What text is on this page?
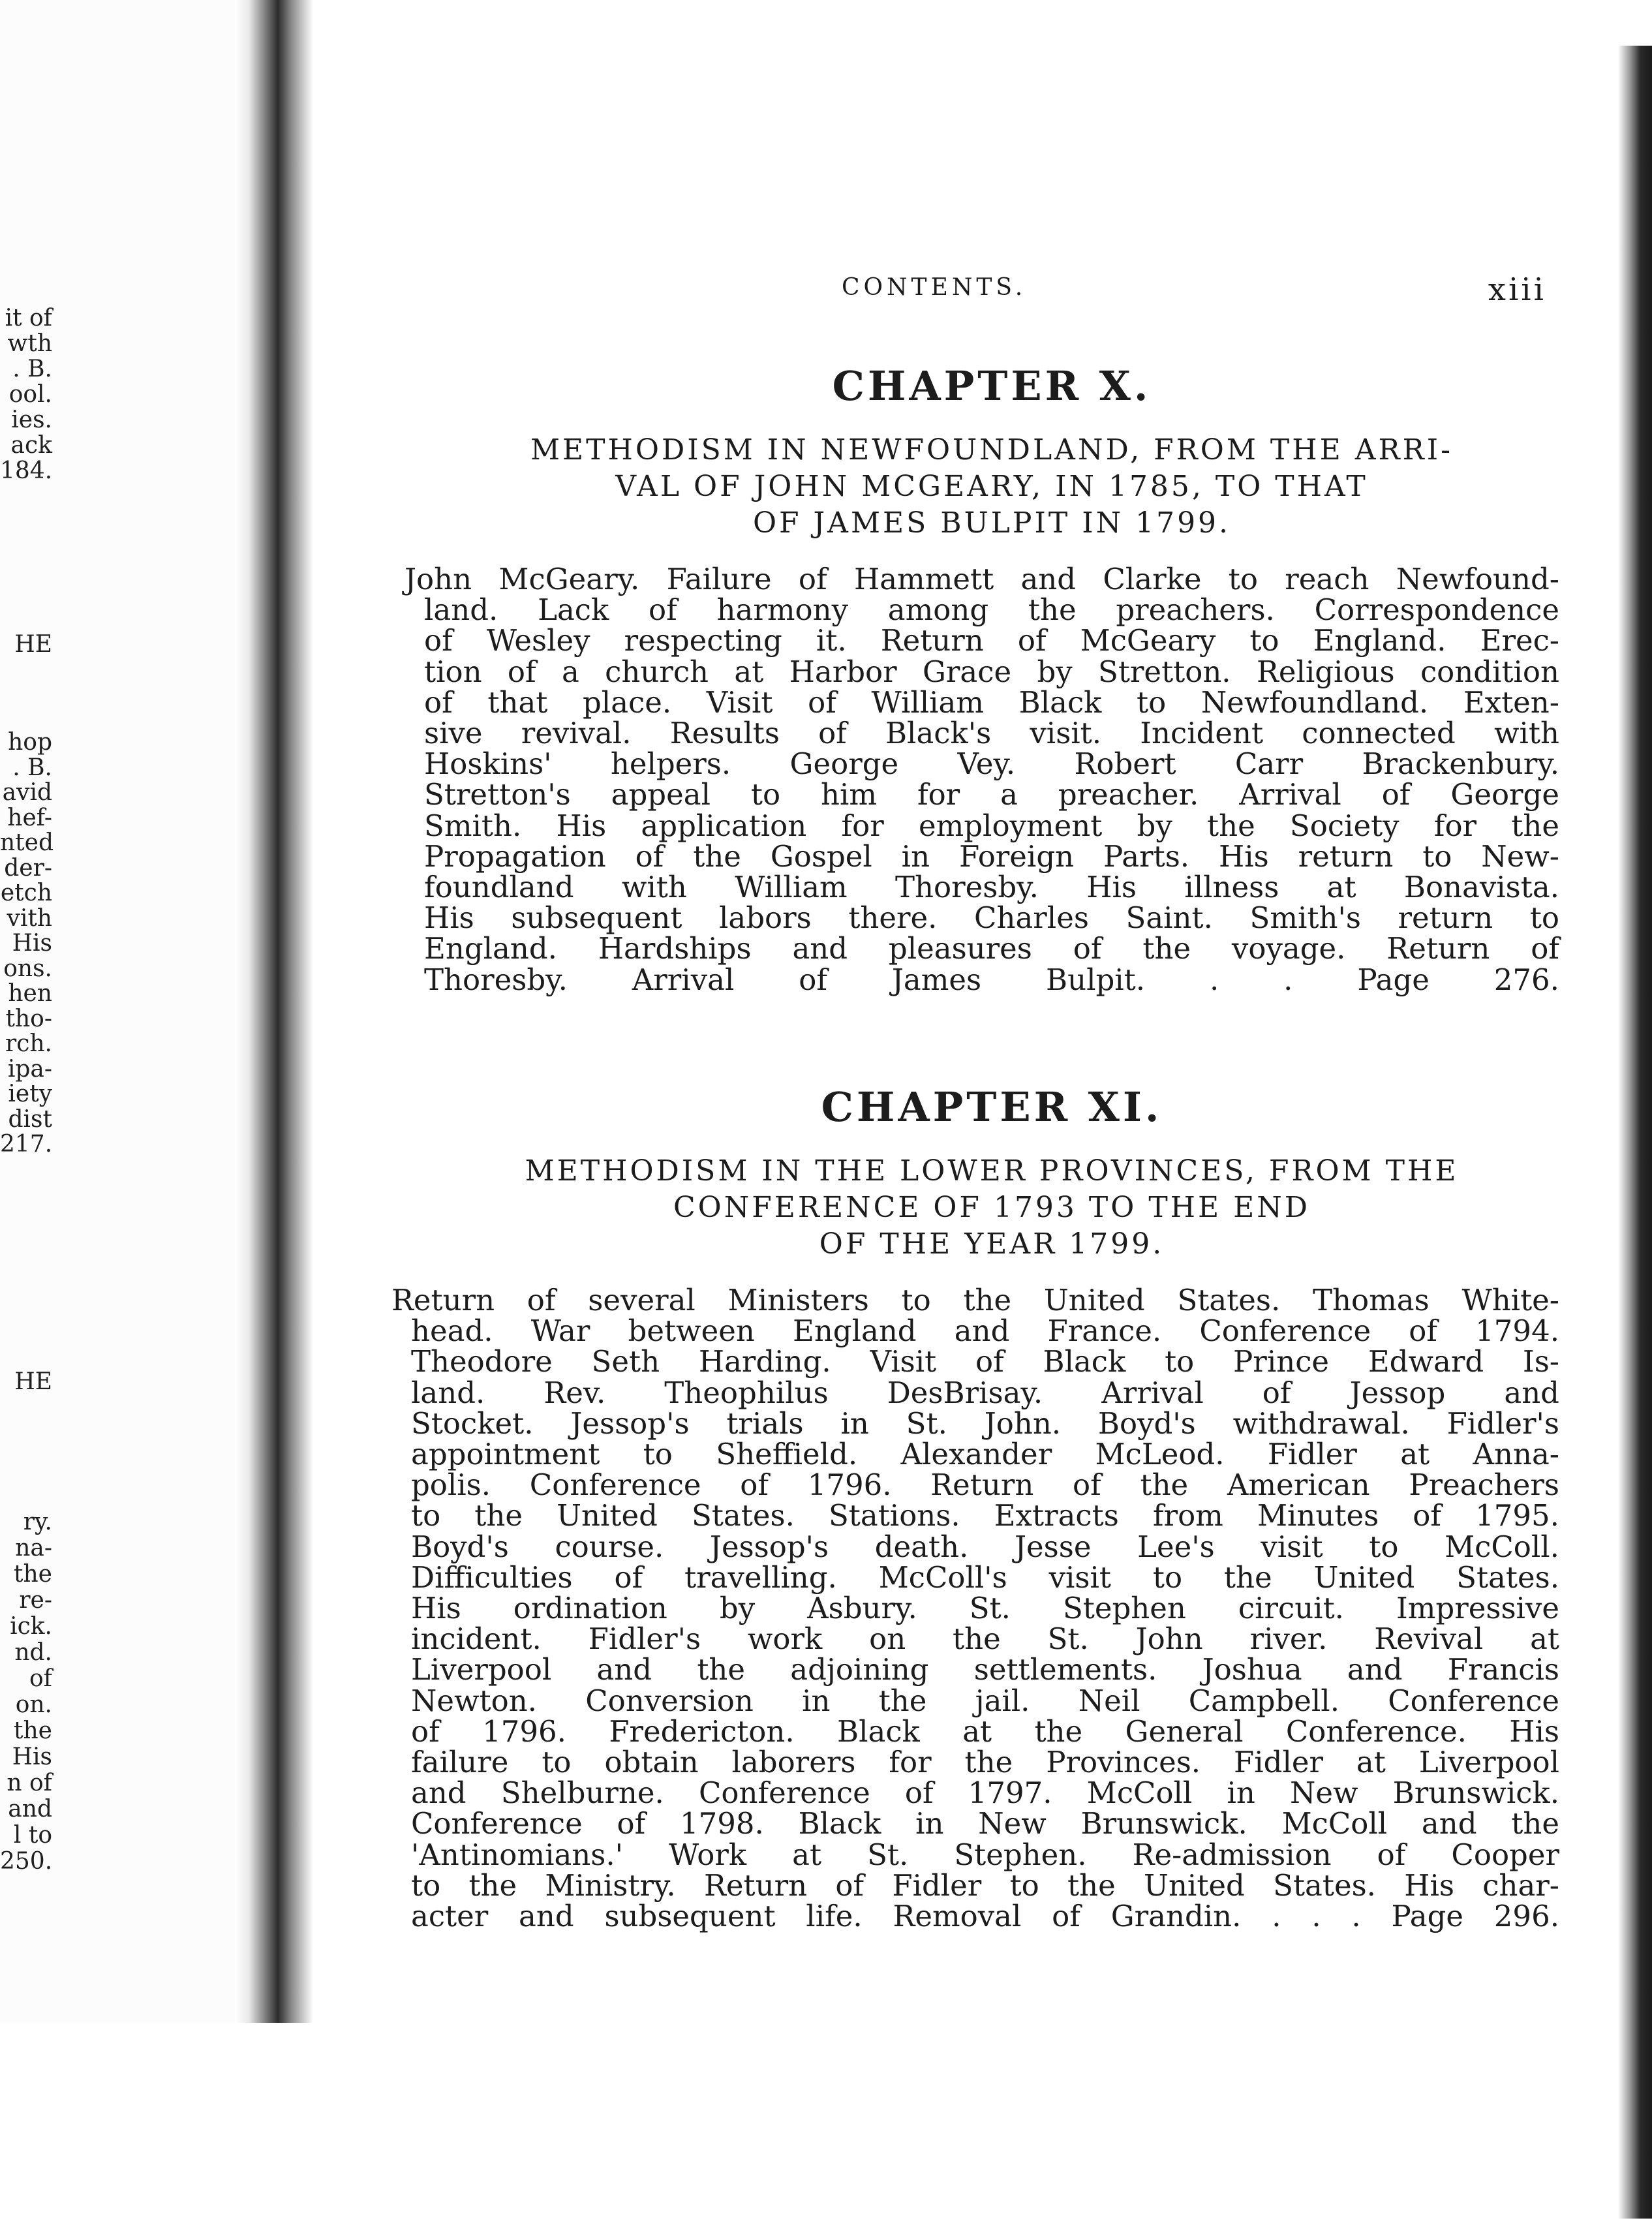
it of
wth
. B.
ool.
ies.
ack
184.
HE
hop
. B.
avid
hef-
nted
der-
etch
vith
His
ons.
hen
tho-
rch.
ipa-
iety
dist
217.
HE
ry.
na-
the
re-
ick.
nd.
of
on.
the
His
n of
and
l to
250.
CONTENTS.	xiii
CHAPTER X.
METHODISM IN NEWFOUNDLAND, FROM THE ARRI-
VAL OF JOHN MCGEARY, IN 1785, TO THAT
OF JAMES BULPIT IN 1799.
John McGeary. Failure of Hammett and Clarke to reach Newfound-
land. Lack of harmony among the preachers. Correspondence
of Wesley respecting it. Return of McGeary to England. Erec-
tion of a church at Harbor Grace by Stretton. Religious condition
of that place. Visit of William Black to Newfoundland. Exten-
sive revival. Results of Black's visit. Incident connected with
Hoskins' helpers. George Vey. Robert Carr Brackenbury.
Stretton's appeal to him for a preacher. Arrival of George
Smith. His application for employment by the Society for the
Propagation of the Gospel in Foreign Parts. His return to New-
foundland with William Thoresby. His illness at Bonavista.
His subsequent labors there. Charles Saint. Smith's return to
England. Hardships and pleasures of the voyage. Return of
Thoresby. Arrival of James Bulpit. . . Page 276.
CHAPTER XI.
METHODISM IN THE LOWER PROVINCES, FROM THE
CONFERENCE OF 1793 TO THE END
OF THE YEAR 1799.
Return of several Ministers to the United States. Thomas White-
head. War between England and France. Conference of 1794.
Theodore Seth Harding. Visit of Black to Prince Edward Is-
land. Rev. Theophilus DesBrisay. Arrival of Jessop and
Stocket. Jessop's trials in St. John. Boyd's withdrawal. Fidler's
appointment to Sheffield. Alexander McLeod. Fidler at Anna-
polis. Conference of 1796. Return of the American Preachers
to the United States. Stations. Extracts from Minutes of 1795.
Boyd's course. Jessop's death. Jesse Lee's visit to McColl.
Difficulties of travelling. McColl's visit to the United States.
His ordination by Asbury. St. Stephen circuit. Impressive
incident. Fidler's work on the St. John river. Revival at
Liverpool and the adjoining settlements. Joshua and Francis
Newton. Conversion in the jail. Neil Campbell. Conference
of 1796. Fredericton. Black at the General Conference. His
failure to obtain laborers for the Provinces. Fidler at Liverpool
and Shelburne. Conference of 1797. McColl in New Brunswick.
Conference of 1798. Black in New Brunswick. McColl and the
'Antinomians.' Work at St. Stephen. Re-admission of Cooper
to the Ministry. Return of Fidler to the United States. His char-
acter and subsequent life. Removal of Grandin. . . . Page 296.
